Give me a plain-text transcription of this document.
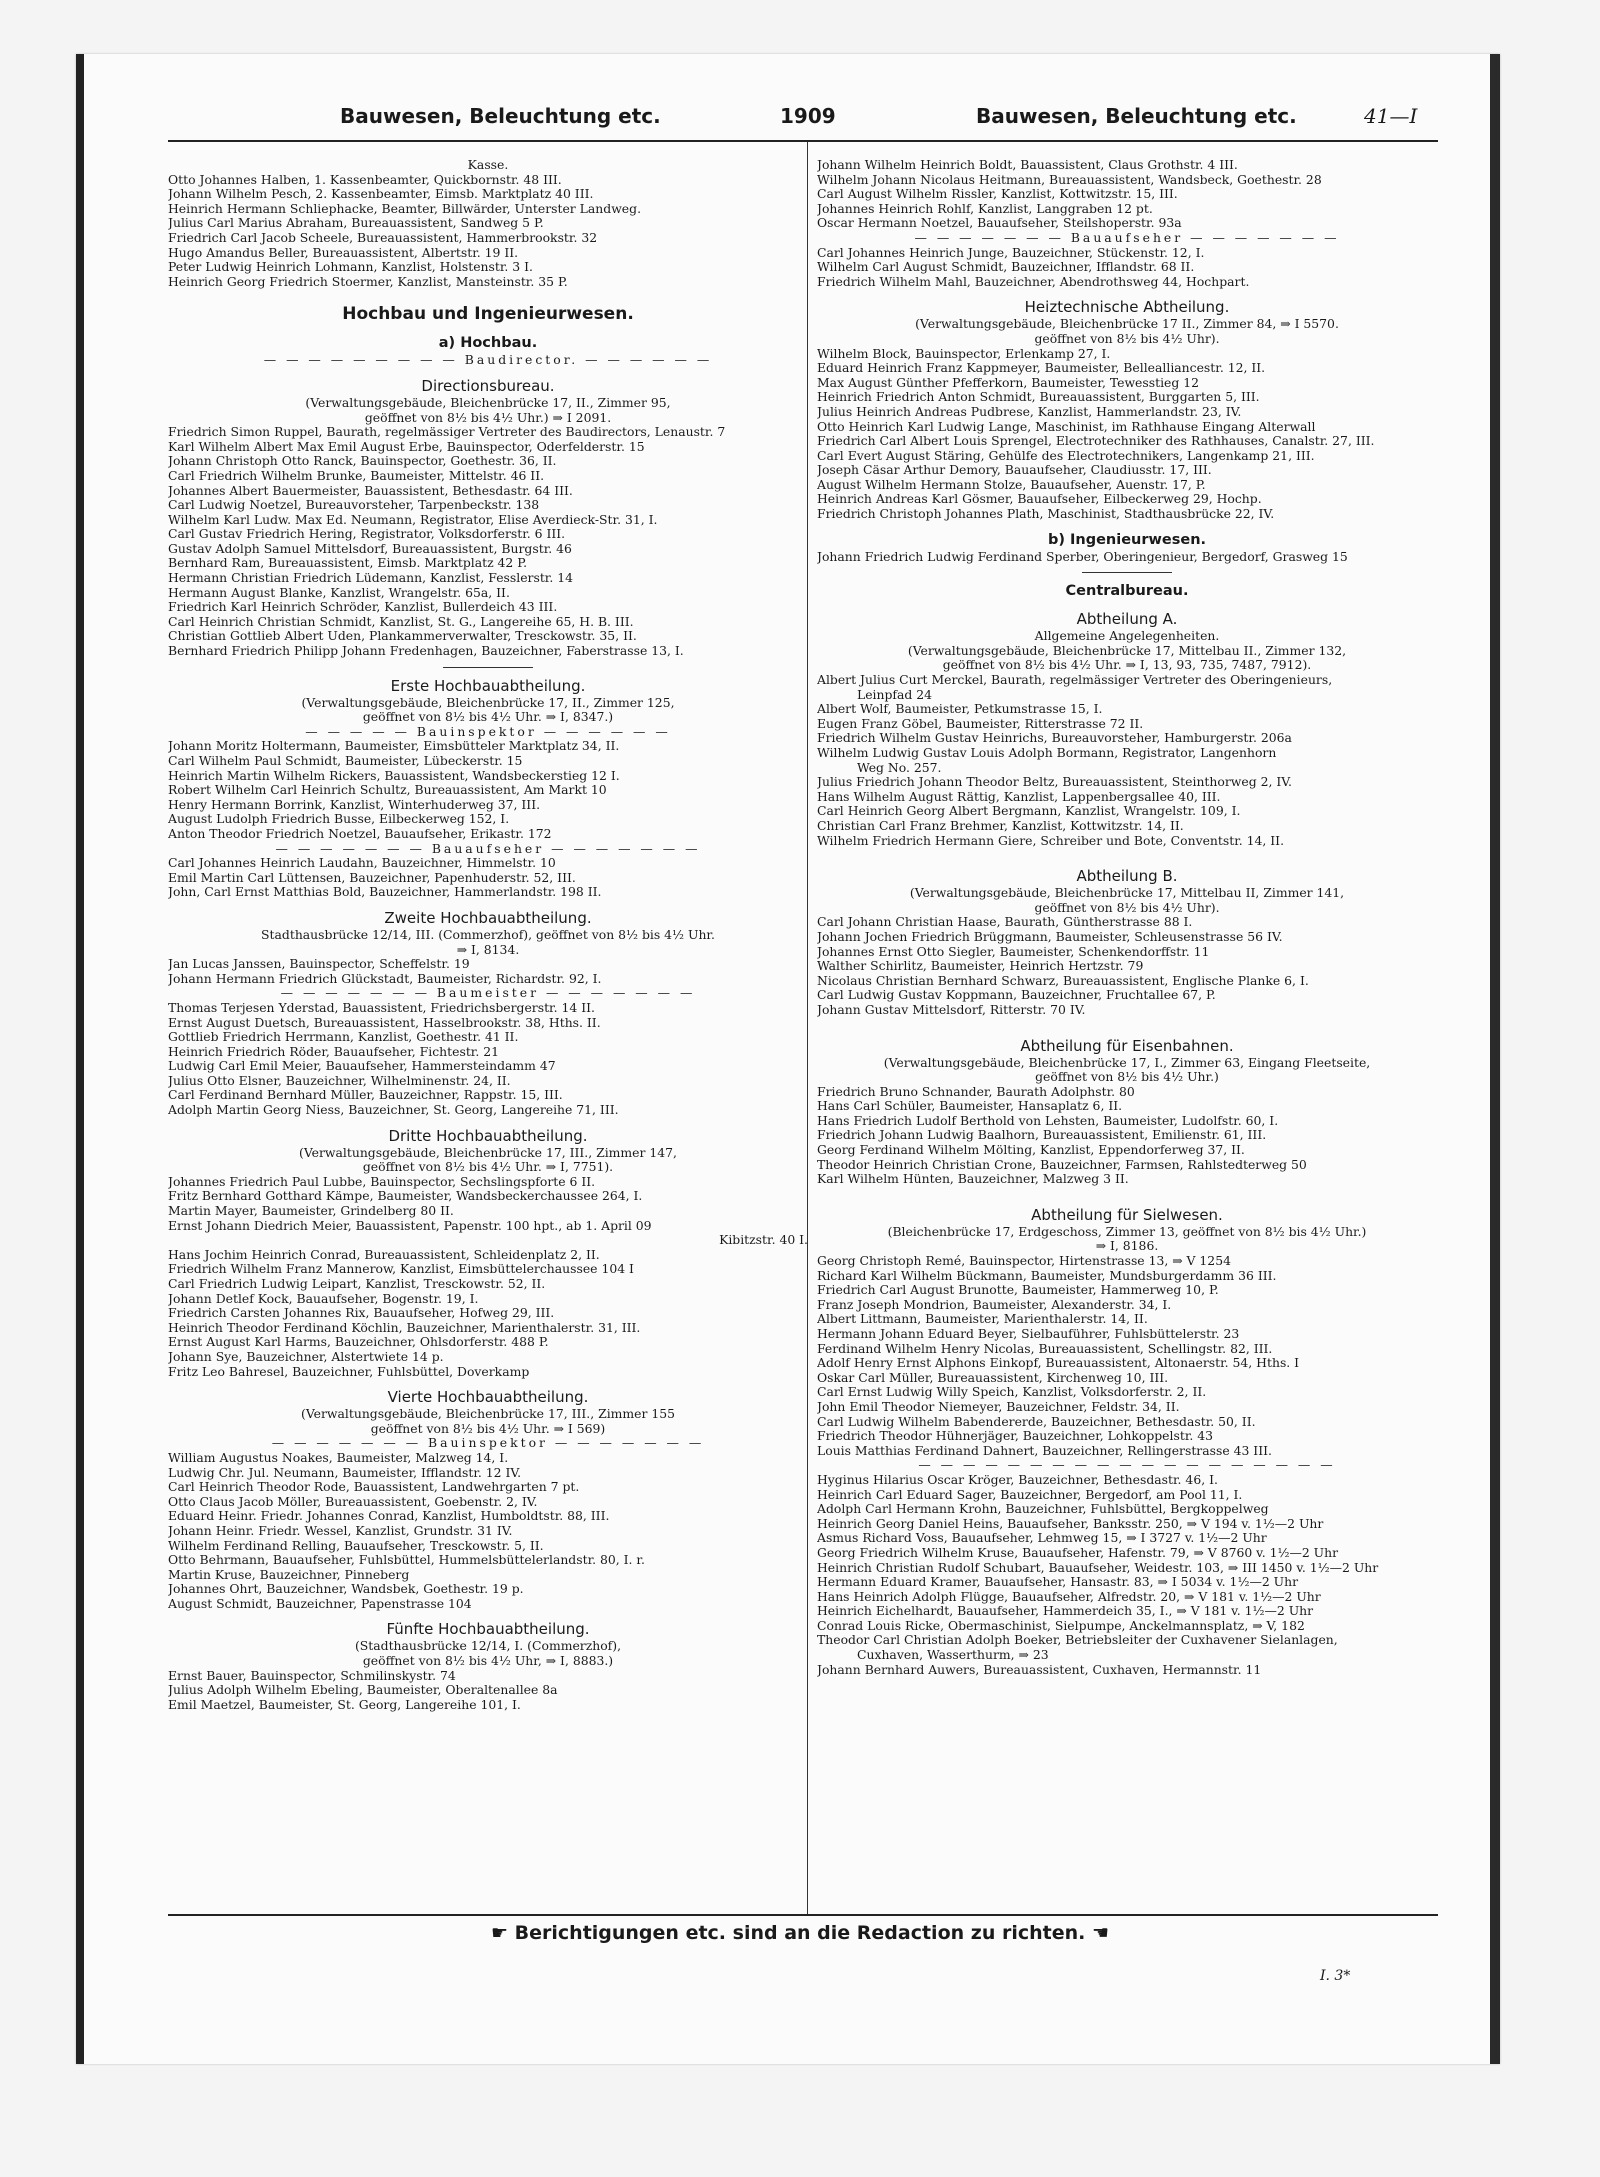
Bauwesen, Beleuchtung etc.	1909	Bauwesen, Beleuchtung etc.	41—I

Kasse.

Otto Johannes Halben, 1. Kassenbeamter, Quickbornstr. 48 III.

Johann Wilhelm Pesch, 2. Kassenbeamter, Eimsb. Marktplatz 40 III.

Heinrich Hermann Schliephacke, Beamter, Billwärder, Unterster Landweg.

Julius Carl Marius Abraham, Bureauassistent, Sandweg 5 P.

Friedrich Carl Jacob Scheele, Bureauassistent, Hammerbrookstr. 32

Hugo Amandus Beller, Bureauassistent, Albertstr. 19 II.

Peter Ludwig Heinrich Lohmann, Kanzlist, Holstenstr. 3 I.

Heinrich Georg Friedrich Stoermer, Kanzlist, Mansteinstr. 35 P.

Hochbau und Ingenieurwesen.

a) Hochbau.

— — — — — — — — — Baudirector. — — — — — —

Directionsbureau.

(Verwaltungsgebäude, Bleichenbrücke 17, II., Zimmer 95,

geöffnet von 8½ bis 4½ Uhr.) ⇒ I 2091.

Friedrich Simon Ruppel, Baurath, regelmässiger Vertreter des Baudirectors, Lenaustr. 7

Karl Wilhelm Albert Max Emil August Erbe, Bauinspector, Oderfelderstr. 15

Johann Christoph Otto Ranck, Bauinspector, Goethestr. 36, II.

Carl Friedrich Wilhelm Brunke, Baumeister, Mittelstr. 46 II.

Johannes Albert Bauermeister, Bauassistent, Bethesdastr. 64 III.

Carl Ludwig Noetzel, Bureauvorsteher, Tarpenbeckstr. 138

Wilhelm Karl Ludw. Max Ed. Neumann, Registrator, Elise Averdieck-Str. 31, I.

Carl Gustav Friedrich Hering, Registrator, Volksdorferstr. 6 III.

Gustav Adolph Samuel Mittelsdorf, Bureauassistent, Burgstr. 46

Bernhard Ram, Bureauassistent, Eimsb. Marktplatz 42 P.

Hermann Christian Friedrich Lüdemann, Kanzlist, Fesslerstr. 14

Hermann August Blanke, Kanzlist, Wrangelstr. 65a, II.

Friedrich Karl Heinrich Schröder, Kanzlist, Bullerdeich 43 III.

Carl Heinrich Christian Schmidt, Kanzlist, St. G., Langereihe 65, H. B. III.

Christian Gottlieb Albert Uden, Plankammerverwalter, Tresckowstr. 35, II.

Bernhard Friedrich Philipp Johann Fredenhagen, Bauzeichner, Faberstrasse 13, I.

Erste Hochbauabtheilung.

(Verwaltungsgebäude, Bleichenbrücke 17, II., Zimmer 125,

geöffnet von 8½ bis 4½ Uhr. ⇒ I, 8347.)

— — — — — Bauinspektor — — — — — —

Johann Moritz Holtermann, Baumeister, Eimsbütteler Marktplatz 34, II.

Carl Wilhelm Paul Schmidt, Baumeister, Lübeckerstr. 15

Heinrich Martin Wilhelm Rickers, Bauassistent, Wandsbeckerstieg 12 I.

Robert Wilhelm Carl Heinrich Schultz, Bureauassistent, Am Markt 10

Henry Hermann Borrink, Kanzlist, Winterhuderweg 37, III.

August Ludolph Friedrich Busse, Eilbeckerweg 152, I.

Anton Theodor Friedrich Noetzel, Bauaufseher, Erikastr. 172

— — — — — — — Bauaufseher — — — — — — —

Carl Johannes Heinrich Laudahn, Bauzeichner, Himmelstr. 10

Emil Martin Carl Lüttensen, Bauzeichner, Papenhuderstr. 52, III.

John, Carl Ernst Matthias Bold, Bauzeichner, Hammerlandstr. 198 II.

Zweite Hochbauabtheilung.

Stadthausbrücke 12/14, III. (Commerzhof), geöffnet von 8½ bis 4½ Uhr.

⇒ I, 8134.

Jan Lucas Janssen, Bauinspector, Scheffelstr. 19

Johann Hermann Friedrich Glückstadt, Baumeister, Richardstr. 92, I.

— — — — — — — Baumeister — — — — — — —

Thomas Terjesen Yderstad, Bauassistent, Friedrichsbergerstr. 14 II.

Ernst August Duetsch, Bureauassistent, Hasselbrookstr. 38, Hths. II.

Gottlieb Friedrich Herrmann, Kanzlist, Goethestr. 41 II.

Heinrich Friedrich Röder, Bauaufseher, Fichtestr. 21

Ludwig Carl Emil Meier, Bauaufseher, Hammersteindamm 47

Julius Otto Elsner, Bauzeichner, Wilhelminenstr. 24, II.

Carl Ferdinand Bernhard Müller, Bauzeichner, Rappstr. 15, III.

Adolph Martin Georg Niess, Bauzeichner, St. Georg, Langereihe 71, III.

Dritte Hochbauabtheilung.

(Verwaltungsgebäude, Bleichenbrücke 17, III., Zimmer 147,

geöffnet von 8½ bis 4½ Uhr. ⇒ I, 7751).

Johannes Friedrich Paul Lubbe, Bauinspector, Sechslingspforte 6 II.

Fritz Bernhard Gotthard Kämpe, Baumeister, Wandsbeckerchaussee 264, I.

Martin Mayer, Baumeister, Grindelberg 80 II.

Ernst Johann Diedrich Meier, Bauassistent, Papenstr. 100 hpt., ab 1. April 09

Kibitzstr. 40 I.

Hans Jochim Heinrich Conrad, Bureauassistent, Schleidenplatz 2, II.

Friedrich Wilhelm Franz Mannerow, Kanzlist, Eimsbüttelerchaussee 104 I

Carl Friedrich Ludwig Leipart, Kanzlist, Tresckowstr. 52, II.

Johann Detlef Kock, Bauaufseher, Bogenstr. 19, I.

Friedrich Carsten Johannes Rix, Bauaufseher, Hofweg 29, III.

Heinrich Theodor Ferdinand Köchlin, Bauzeichner, Marienthalerstr. 31, III.

Ernst August Karl Harms, Bauzeichner, Ohlsdorferstr. 488 P.

Johann Sye, Bauzeichner, Alstertwiete 14 p.

Fritz Leo Bahresel, Bauzeichner, Fuhlsbüttel, Doverkamp

Vierte Hochbauabtheilung.

(Verwaltungsgebäude, Bleichenbrücke 17, III., Zimmer 155

geöffnet von 8½ bis 4½ Uhr. ⇒ I 569)

— — — — — — — Bauinspektor — — — — — — —

William Augustus Noakes, Baumeister, Malzweg 14, I.

Ludwig Chr. Jul. Neumann, Baumeister, Ifflandstr. 12 IV.

Carl Heinrich Theodor Rode, Bauassistent, Landwehrgarten 7 pt.

Otto Claus Jacob Möller, Bureauassistent, Goebenstr. 2, IV.

Eduard Heinr. Friedr. Johannes Conrad, Kanzlist, Humboldtstr. 88, III.

Johann Heinr. Friedr. Wessel, Kanzlist, Grundstr. 31 IV.

Wilhelm Ferdinand Relling, Bauaufseher, Tresckowstr. 5, II.

Otto Behrmann, Bauaufseher, Fuhlsbüttel, Hummelsbüttelerlandstr. 80, I. r.

Martin Kruse, Bauzeichner, Pinneberg

Johannes Ohrt, Bauzeichner, Wandsbek, Goethestr. 19 p.

August Schmidt, Bauzeichner, Papenstrasse 104

Fünfte Hochbauabtheilung.

(Stadthausbrücke 12/14, I. (Commerzhof),

geöffnet von 8½ bis 4½ Uhr, ⇒ I, 8883.)

Ernst Bauer, Bauinspector, Schmilinskystr. 74

Julius Adolph Wilhelm Ebeling, Baumeister, Oberaltenallee 8a

Emil Maetzel, Baumeister, St. Georg, Langereihe 101, I.

Johann Wilhelm Heinrich Boldt, Bauassistent, Claus Grothstr. 4 III.

Wilhelm Johann Nicolaus Heitmann, Bureauassistent, Wandsbeck, Goethestr. 28

Carl August Wilhelm Rissler, Kanzlist, Kottwitzstr. 15, III.

Johannes Heinrich Rohlf, Kanzlist, Langgraben 12 pt.

Oscar Hermann Noetzel, Bauaufseher, Steilshoperstr. 93a

— — — — — — — Bauaufseher — — — — — — —

Carl Johannes Heinrich Junge, Bauzeichner, Stückenstr. 12, I.

Wilhelm Carl August Schmidt, Bauzeichner, Ifflandstr. 68 II.

Friedrich Wilhelm Mahl, Bauzeichner, Abendrothsweg 44, Hochpart.

Heiztechnische Abtheilung.

(Verwaltungsgebäude, Bleichenbrücke 17 II., Zimmer 84, ⇒ I 5570.

geöffnet von 8½ bis 4½ Uhr).

Wilhelm Block, Bauinspector, Erlenkamp 27, I.

Eduard Heinrich Franz Kappmeyer, Baumeister, Bellealliancestr. 12, II.

Max August Günther Pfefferkorn, Baumeister, Tewesstieg 12

Heinrich Friedrich Anton Schmidt, Bureauassistent, Burggarten 5, III.

Julius Heinrich Andreas Pudbrese, Kanzlist, Hammerlandstr. 23, IV.

Otto Heinrich Karl Ludwig Lange, Maschinist, im Rathhause Eingang Alterwall

Friedrich Carl Albert Louis Sprengel, Electrotechniker des Rathhauses, Canalstr. 27, III.

Carl Evert August Stäring, Gehülfe des Electrotechnikers, Langenkamp 21, III.

Joseph Cäsar Arthur Demory, Bauaufseher, Claudiusstr. 17, III.

August Wilhelm Hermann Stolze, Bauaufseher, Auenstr. 17, P.

Heinrich Andreas Karl Gösmer, Bauaufseher, Eilbeckerweg 29, Hochp.

Friedrich Christoph Johannes Plath, Maschinist, Stadthausbrücke 22, IV.

b) Ingenieurwesen.

Johann Friedrich Ludwig Ferdinand Sperber, Oberingenieur, Bergedorf, Grasweg 15

Centralbureau.

Abtheilung A.

Allgemeine Angelegenheiten.

(Verwaltungsgebäude, Bleichenbrücke 17, Mittelbau II., Zimmer 132,

geöffnet von 8½ bis 4½ Uhr. ⇒ I, 13, 93, 735, 7487, 7912).

Albert Julius Curt Merckel, Baurath, regelmässiger Vertreter des Oberingenieurs,

Leinpfad 24

Albert Wolf, Baumeister, Petkumstrasse 15, I.

Eugen Franz Göbel, Baumeister, Ritterstrasse 72 II.

Friedrich Wilhelm Gustav Heinrichs, Bureauvorsteher, Hamburgerstr. 206a

Wilhelm Ludwig Gustav Louis Adolph Bormann, Registrator, Langenhorn

Weg No. 257.

Julius Friedrich Johann Theodor Beltz, Bureauassistent, Steinthorweg 2, IV.

Hans Wilhelm August Rättig, Kanzlist, Lappenbergsallee 40, III.

Carl Heinrich Georg Albert Bergmann, Kanzlist, Wrangelstr. 109, I.

Christian Carl Franz Brehmer, Kanzlist, Kottwitzstr. 14, II.

Wilhelm Friedrich Hermann Giere, Schreiber und Bote, Conventstr. 14, II.

Abtheilung B.

(Verwaltungsgebäude, Bleichenbrücke 17, Mittelbau II, Zimmer 141,

geöffnet von 8½ bis 4½ Uhr).

Carl Johann Christian Haase, Baurath, Güntherstrasse 88 I.

Johann Jochen Friedrich Brüggmann, Baumeister, Schleusenstrasse 56 IV.

Johannes Ernst Otto Siegler, Baumeister, Schenkendorffstr. 11

Walther Schirlitz, Baumeister, Heinrich Hertzstr. 79

Nicolaus Christian Bernhard Schwarz, Bureauassistent, Englische Planke 6, I.

Carl Ludwig Gustav Koppmann, Bauzeichner, Fruchtallee 67, P.

Johann Gustav Mittelsdorf, Ritterstr. 70 IV.

Abtheilung für Eisenbahnen.

(Verwaltungsgebäude, Bleichenbrücke 17, I., Zimmer 63, Eingang Fleetseite,

geöffnet von 8½ bis 4½ Uhr.)

Friedrich Bruno Schnander, Baurath Adolphstr. 80

Hans Carl Schüler, Baumeister, Hansaplatz 6, II.

Hans Friedrich Ludolf Berthold von Lehsten, Baumeister, Ludolfstr. 60, I.

Friedrich Johann Ludwig Baalhorn, Bureauassistent, Emilienstr. 61, III.

Georg Ferdinand Wilhelm Mölting, Kanzlist, Eppendorferweg 37, II.

Theodor Heinrich Christian Crone, Bauzeichner, Farmsen, Rahlstedterweg 50

Karl Wilhelm Hünten, Bauzeichner, Malzweg 3 II.

Abtheilung für Sielwesen.

(Bleichenbrücke 17, Erdgeschoss, Zimmer 13, geöffnet von 8½ bis 4½ Uhr.)

⇒ I, 8186.

Georg Christoph Remé, Bauinspector, Hirtenstrasse 13, ⇒ V 1254

Richard Karl Wilhelm Bückmann, Baumeister, Mundsburgerdamm 36 III.

Friedrich Carl August Brunotte, Baumeister, Hammerweg 10, P.

Franz Joseph Mondrion, Baumeister, Alexanderstr. 34, I.

Albert Littmann, Baumeister, Marienthalerstr. 14, II.

Hermann Johann Eduard Beyer, Sielbauführer, Fuhlsbüttelerstr. 23

Ferdinand Wilhelm Henry Nicolas, Bureauassistent, Schellingstr. 82, III.

Adolf Henry Ernst Alphons Einkopf, Bureauassistent, Altonaerstr. 54, Hths. I

Oskar Carl Müller, Bureauassistent, Kirchenweg 10, III.

Carl Ernst Ludwig Willy Speich, Kanzlist, Volksdorferstr. 2, II.

John Emil Theodor Niemeyer, Bauzeichner, Feldstr. 34, II.

Carl Ludwig Wilhelm Babendererde, Bauzeichner, Bethesdastr. 50, II.

Friedrich Theodor Hühnerjäger, Bauzeichner, Lohkoppelstr. 43

Louis Matthias Ferdinand Dahnert, Bauzeichner, Rellingerstrasse 43 III.

— — — — — — — — — — — — — — — — — — —

Hyginus Hilarius Oscar Kröger, Bauzeichner, Bethesdastr. 46, I.

Heinrich Carl Eduard Sager, Bauzeichner, Bergedorf, am Pool 11, I.

Adolph Carl Hermann Krohn, Bauzeichner, Fuhlsbüttel, Bergkoppelweg

Heinrich Georg Daniel Heins, Bauaufseher, Banksstr. 250, ⇒ V 194 v. 1½—2 Uhr

Asmus Richard Voss, Bauaufseher, Lehmweg 15, ⇒ I 3727 v. 1½—2 Uhr

Georg Friedrich Wilhelm Kruse, Bauaufseher, Hafenstr. 79, ⇒ V 8760 v. 1½—2 Uhr

Heinrich Christian Rudolf Schubart, Bauaufseher, Weidestr. 103, ⇒ III 1450 v. 1½—2 Uhr

Hermann Eduard Kramer, Bauaufseher, Hansastr. 83, ⇒ I 5034 v. 1½—2 Uhr

Hans Heinrich Adolph Flügge, Bauaufseher, Alfredstr. 20, ⇒ V 181 v. 1½—2 Uhr

Heinrich Eichelhardt, Bauaufseher, Hammerdeich 35, I., ⇒ V 181 v. 1½—2 Uhr

Conrad Louis Ricke, Obermaschinist, Sielpumpe, Anckelmannsplatz, ⇒ V, 182

Theodor Carl Christian Adolph Boeker, Betriebsleiter der Cuxhavener Sielanlagen,

Cuxhaven, Wasserthurm, ⇒ 23

Johann Bernhard Auwers, Bureauassistent, Cuxhaven, Hermannstr. 11

☛ Berichtigungen etc. sind an die Redaction zu richten. ☚
I. 3*
